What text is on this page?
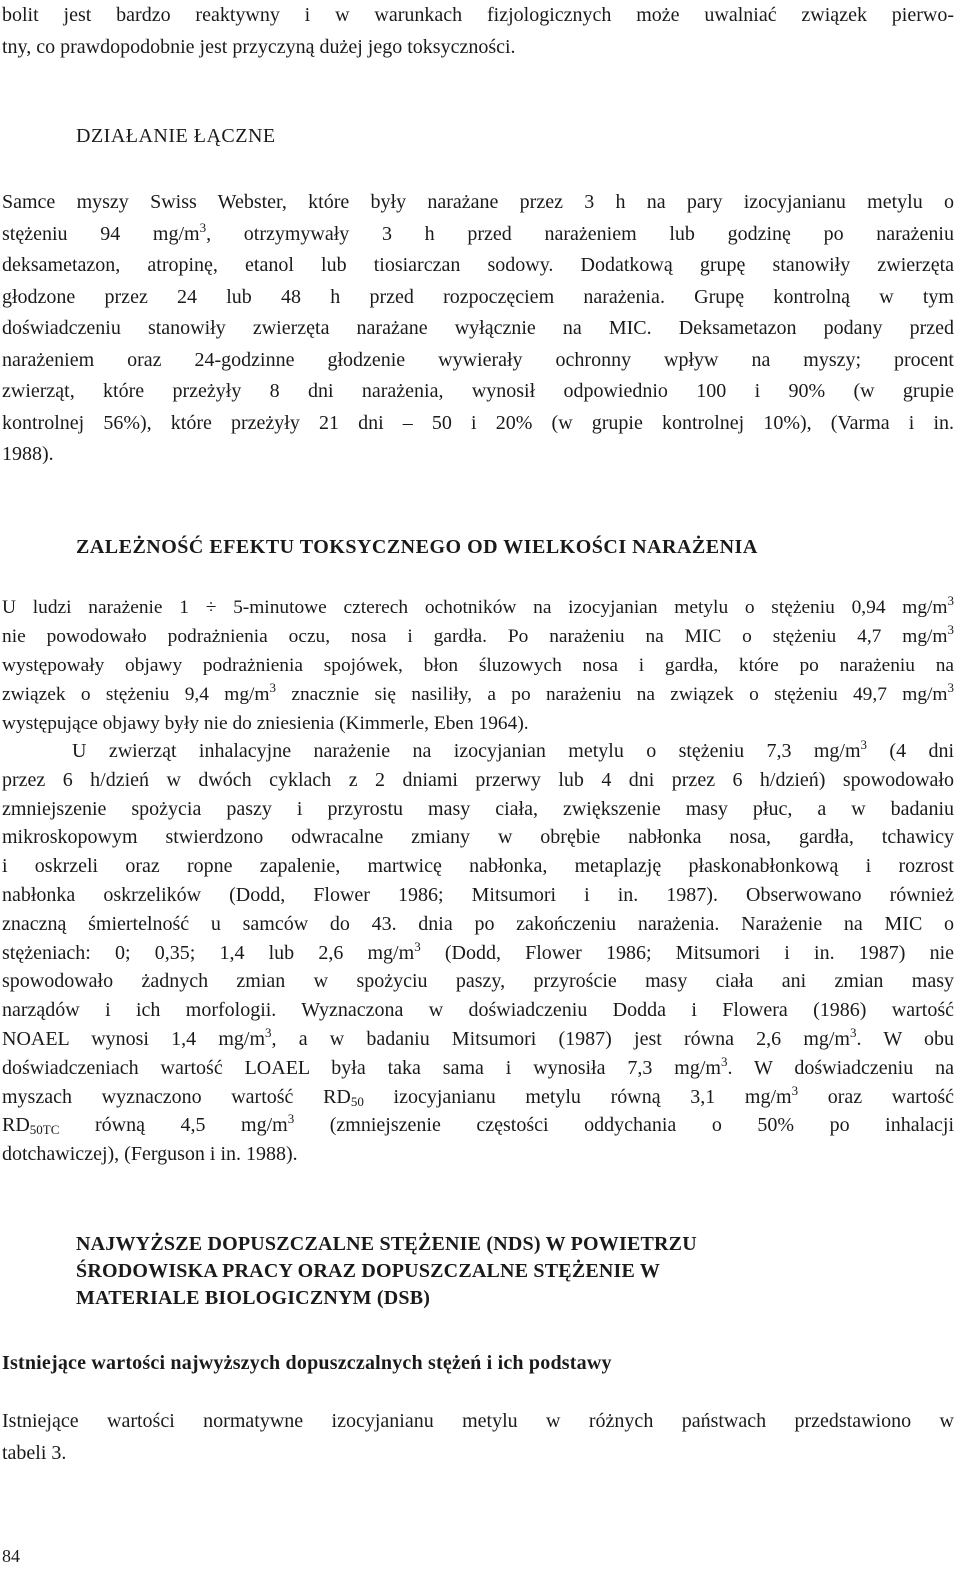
bolit jest bardzo reaktywny i w warunkach fizjologicznych może uwalniać związek pierwo-
tny, co prawdopodobnie jest przyczyną dużej jego toksyczności.

DZIAŁANIE ŁĄCZNE

Samce myszy Swiss Webster, które były narażane przez 3 h na pary izocyjanianu metylu o
stężeniu 94 $mg/m^3$, otrzymywały 3 h przed narażeniem lub godzinę po narażeniu
deksametazon, atropinę, etanol lub tiosiarczan sodowy. Dodatkową grupę stanowiły zwierzęta
głodzone przez 24 lub 48 h przed rozpoczęciem narażenia. Grupę kontrolną w tym
doświadczeniu stanowiły zwierzęta narażane wyłącznie na MIC. Deksametazon podany przed
narażeniem oraz 24-godzinne głodzenie wywierały ochronny wpływ na myszy; procent
zwierząt, które przeżyły 8 dni narażenia, wynosił odpowiednio 100 i 90% (w grupie
kontrolnej 56%), które przeżyły 21 dni – 50 i 20% (w grupie kontrolnej 10%), (Varma i in.
1988).

ZALEŻNOŚĆ EFEKTU TOKSYCZNEGO OD WIELKOŚCI NARAŻENIA

U ludzi narażenie 1 ÷ 5-minutowe czterech ochotników na izocyjanian metylu o stężeniu 0,94 $mg/m^3$
nie powodowało podrażnienia oczu, nosa i gardła. Po narażeniu na MIC o stężeniu 4,7 $mg/m^3$
występowały objawy podrażnienia spojówek, błon śluzowych nosa i gardła, które po narażeniu na
związek o stężeniu 9,4 $mg/m^3$ znacznie się nasiliły, a po narażeniu na związek o stężeniu 49,7 $mg/m^3$
występujące objawy były nie do zniesienia (Kimmerle, Eben 1964).

U zwierząt inhalacyjne narażenie na izocyjanian metylu o stężeniu 7,3 $mg/m^3$ (4 dni
przez 6 h/dzień w dwóch cyklach z 2 dniami przerwy lub 4 dni przez 6 h/dzień) spowodowało
zmniejszenie spożycia paszy i przyrostu masy ciała, zwiększenie masy płuc, a w badaniu
mikroskopowym stwierdzono odwracalne zmiany w obrębie nabłonka nosa, gardła, tchawicy
i oskrzeli oraz ropne zapalenie, martwicę nabłonka, metaplazję płaskonabłonkową i rozrost
nabłonka oskrzelików (Dodd, Flower 1986; Mitsumori i in. 1987). Obserwowano również
znaczną śmiertelność u samców do 43. dnia po zakończeniu narażenia. Narażenie na MIC o
stężeniach: 0; 0,35; 1,4 lub 2,6 $mg/m^3$ (Dodd, Flower 1986; Mitsumori i in. 1987) nie
spowodowało żadnych zmian w spożyciu paszy, przyroście masy ciała ani zmian masy
narządów i ich morfologii. Wyznaczona w doświadczeniu Dodda i Flowera (1986) wartość
NOAEL wynosi 1,4 $mg/m^3$, a w badaniu Mitsumori (1987) jest równa 2,6 $mg/m^3$. W obu
doświadczeniach wartość LOAEL była taka sama i wynosiła 7,3 $mg/m^3$. W doświadczeniu na
myszach wyznaczono wartość $RD_{50}$ izocyjanianu metylu równą 3,1 $mg/m^3$ oraz wartość
$RD_{50TC}$ równą 4,5 $mg/m^3$ (zmniejszenie częstości oddychania o 50% po inhalacji
dotchawiczej), (Ferguson i in. 1988).

NAJWYŻSZE DOPUSZCZALNE STĘŻENIE (NDS) W POWIETRZU
ŚRODOWISKA PRACY ORAZ DOPUSZCZALNE STĘŻENIE W
MATERIALE BIOLOGICZNYM (DSB)
Istniejące wartości najwyższych dopuszczalnych stężeń i ich podstawy

Istniejące wartości normatywne izocyjanianu metylu w różnych państwach przedstawiono w
tabeli 3.

84
